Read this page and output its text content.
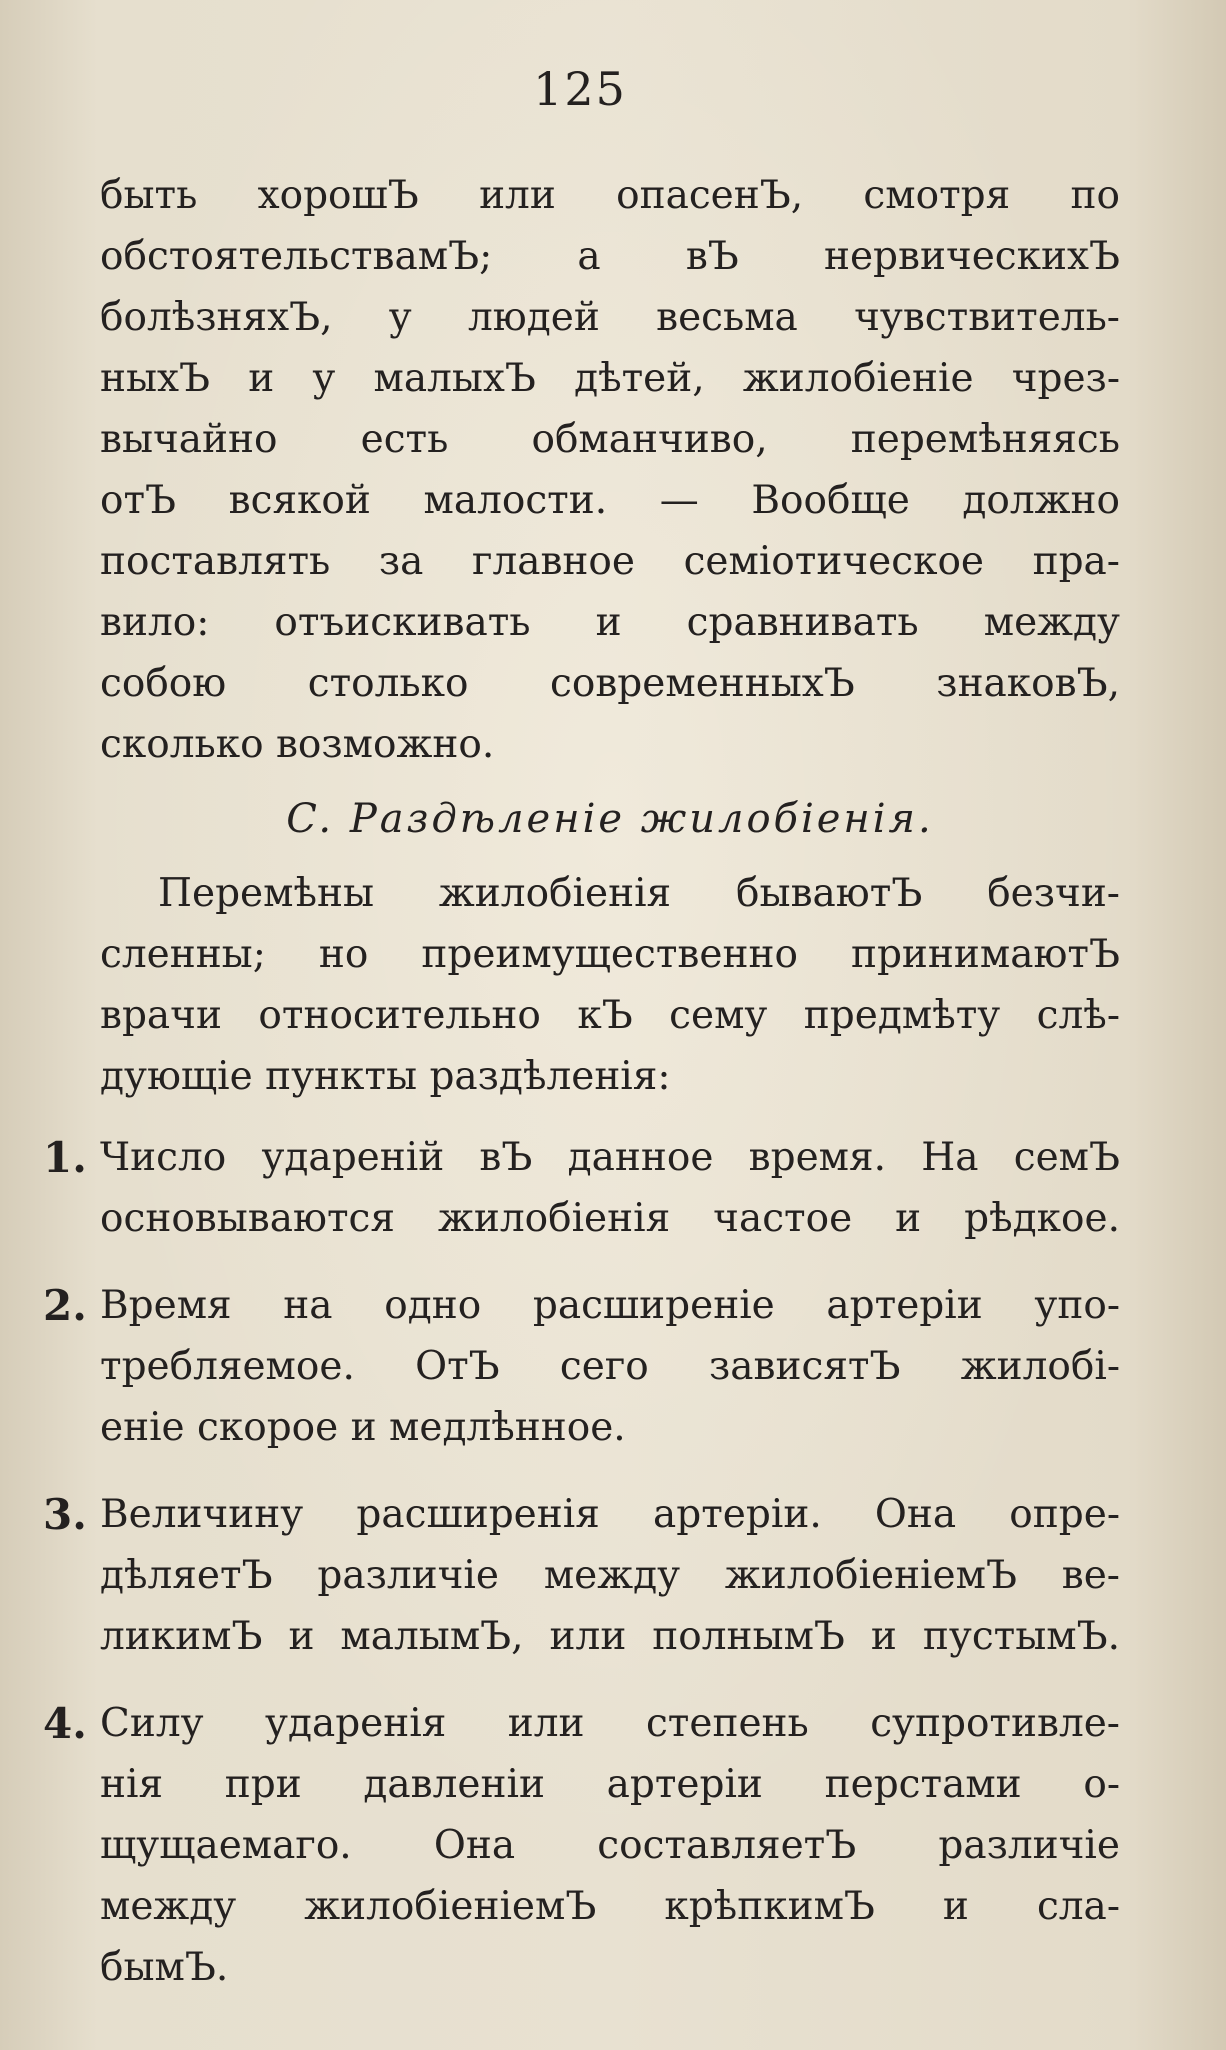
125
быть хорошЪ или опасенЪ, смотря по
обстоятельствамЪ; а вЪ нервическихЪ
болѣзняхЪ, у людей весьма чувствитель-
ныхЪ и у малыхЪ дѣтей, жилобіеніе чрез-
вычайно есть обманчиво, перемѣняясь
отЪ всякой малости. — Вообще должно
поставлять за главное семіотическое пра-
вило: отъискивать и сравнивать между
собою столько современныхЪ знаковЪ,
сколько возможно.
C. Раздѣленіе жилобіенія.
Перемѣны жилобіенія бываютЪ безчи-
сленны; но преимущественно принимаютЪ
врачи относительно кЪ сему предмѣту слѣ-
дующіе пункты раздѣленія:
1. Число удареній вЪ данное время. На семЪ
основываются жилобіенія частое и рѣдкое.
2. Время на одно расширеніе артеріи упо-
требляемое. ОтЪ сего зависятЪ жилобі-
еніе скорое и медлѣнное.
3. Величину расширенія артеріи. Она опре-
дѣляетЪ различіе между жилобіеніемЪ ве-
ликимЪ и малымЪ, или полнымЪ и пустымЪ.
4. Силу ударенія или степень супротивле-
нія при давленіи артеріи перстами о-
щущаемаго. Она составляетЪ различіе
между жилобіеніемЪ крѣпкимЪ и сла-
бымЪ.
